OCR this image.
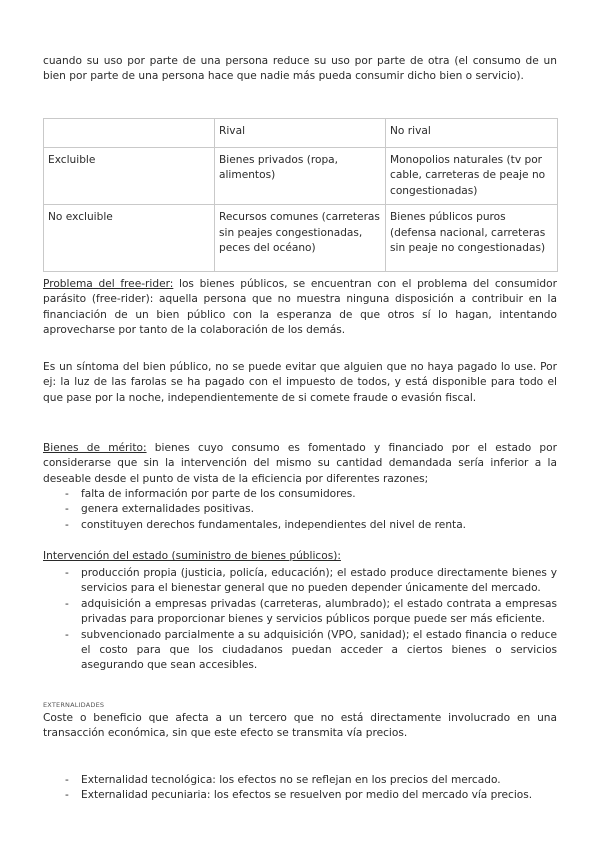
cuando su uso por parte de una persona reduce su uso por parte de otra (el consumo de un bien por parte de una persona hace que nadie más pueda consumir dicho bien o servicio).

	Rival	No rival
Excluible	Bienes privados (ropa, alimentos)	Monopolios naturales (tv por cable, carreteras de peaje no congestionadas)
No excluible	Recursos comunes (carreteras sin peajes congestionadas, peces del océano)	Bienes públicos puros (defensa nacional, carreteras sin peaje no congestionadas)

Problema del free-rider: los bienes públicos, se encuentran con el problema del consumidor parásito (free-rider): aquella persona que no muestra ninguna disposición a contribuir en la financiación de un bien público con la esperanza de que otros sí lo hagan, intentando aprovecharse por tanto de la colaboración de los demás.

Es un síntoma del bien público, no se puede evitar que alguien que no haya pagado lo use. Por ej: la luz de las farolas se ha pagado con el impuesto de todos, y está disponible para todo el que pase por la noche, independientemente de si comete fraude o evasión fiscal.

Bienes de mérito: bienes cuyo consumo es fomentado y financiado por el estado por considerarse que sin la intervención del mismo su cantidad demandada sería inferior a la deseable desde el punto de vista de la eficiencia por diferentes razones;

- falta de información por parte de los consumidores.
- genera externalidades positivas.
- constituyen derechos fundamentales, independientes del nivel de renta.

Intervención del estado (suministro de bienes públicos):

- producción propia (justicia, policía, educación); el estado produce directamente bienes y servicios para el bienestar general que no pueden depender únicamente del mercado.
- adquisición a empresas privadas (carreteras, alumbrado); el estado contrata a empresas privadas para proporcionar bienes y servicios públicos porque puede ser más eficiente.
- subvencionado parcialmente a su adquisición (VPO, sanidad); el estado financia o reduce el costo para que los ciudadanos puedan acceder a ciertos bienes o servicios asegurando que sean accesibles.

EXTERNALIDADES

Coste o beneficio que afecta a un tercero que no está directamente involucrado en una transacción económica, sin que este efecto se transmita vía precios.

- Externalidad tecnológica: los efectos no se reflejan en los precios del mercado.
- Externalidad pecuniaria: los efectos se resuelven por medio del mercado vía precios.
